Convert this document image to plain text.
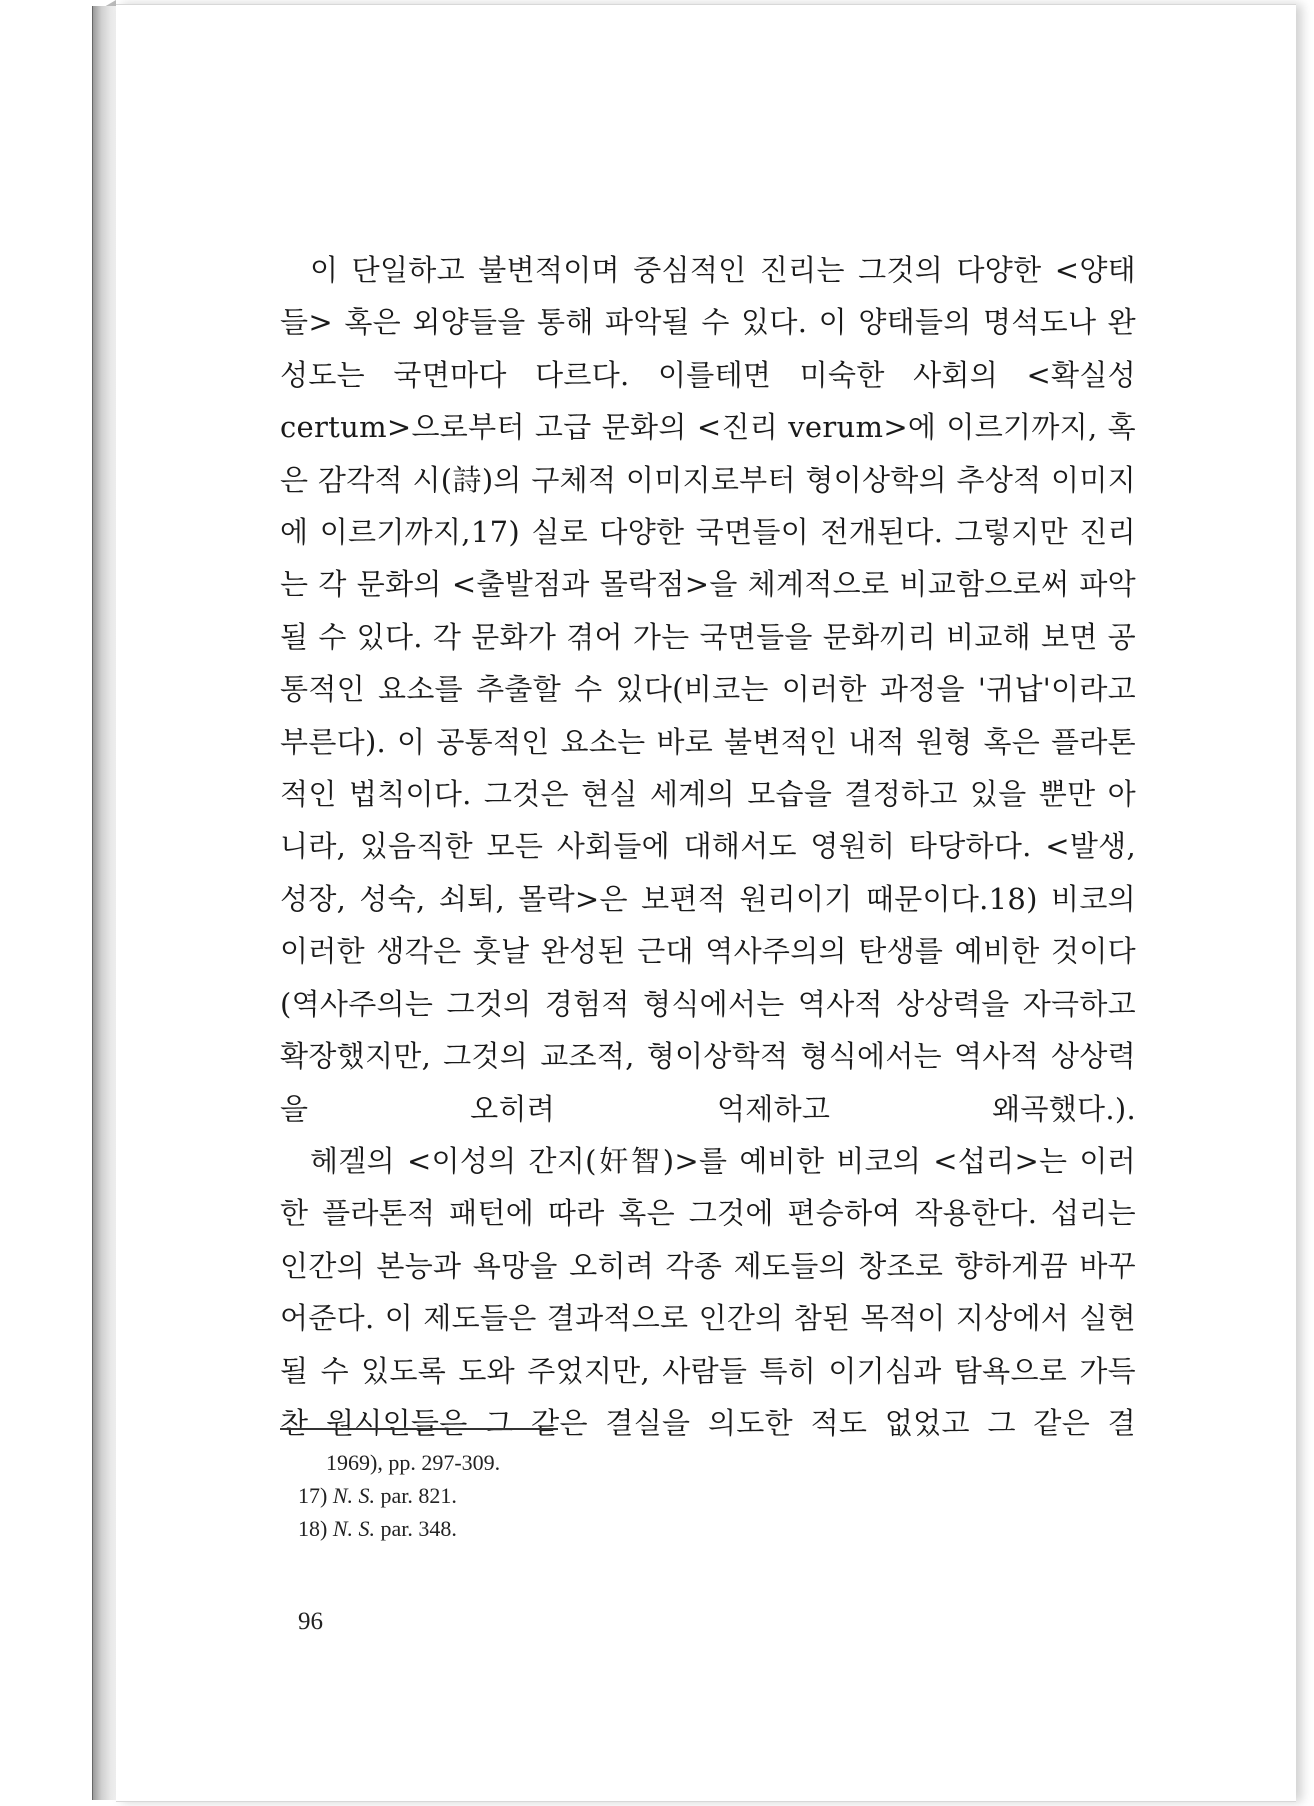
이 단일하고 불변적이며 중심적인 진리는 그것의 다양한 <양태들> 혹은 외양들을 통해 파악될 수 있다. 이 양태들의 명석도나 완성도는 국면마다 다르다. 이를테면 미숙한 사회의 <확실성 certum>으로부터 고급 문화의 <진리 verum>에 이르기까지, 혹은 감각적 시(詩)의 구체적 이미지로부터 형이상학의 추상적 이미지에 이르기까지,17) 실로 다양한 국면들이 전개된다. 그렇지만 진리는 각 문화의 <출발점과 몰락점>을 체계적으로 비교함으로써 파악될 수 있다. 각 문화가 겪어 가는 국면들을 문화끼리 비교해 보면 공통적인 요소를 추출할 수 있다(비코는 이러한 과정을 '귀납'이라고 부른다). 이 공통적인 요소는 바로 불변적인 내적 원형 혹은 플라톤적인 법칙이다. 그것은 현실 세계의 모습을 결정하고 있을 뿐만 아니라, 있음직한 모든 사회들에 대해서도 영원히 타당하다. <발생, 성장, 성숙, 쇠퇴, 몰락>은 보편적 원리이기 때문이다.18) 비코의 이러한 생각은 훗날 완성된 근대 역사주의의 탄생를 예비한 것이다(역사주의는 그것의 경험적 형식에서는 역사적 상상력을 자극하고 확장했지만, 그것의 교조적, 형이상학적 형식에서는 역사적 상상력을 오히려 억제하고 왜곡했다.).

헤겔의 <이성의 간지(奸智)>를 예비한 비코의 <섭리>는 이러한 플라톤적 패턴에 따라 혹은 그것에 편승하여 작용한다. 섭리는 인간의 본능과 욕망을 오히려 각종 제도들의 창조로 향하게끔 바꾸어준다. 이 제도들은 결과적으로 인간의 참된 목적이 지상에서 실현될 수 있도록 도와 주었지만, 사람들 특히 이기심과 탐욕으로 가득 찬 원시인들은 그 같은 결실을 의도한 적도 없었고 그 같은 결

1969), pp. 297-309.
17) N. S. par. 821.
18) N. S. par. 348.
96
